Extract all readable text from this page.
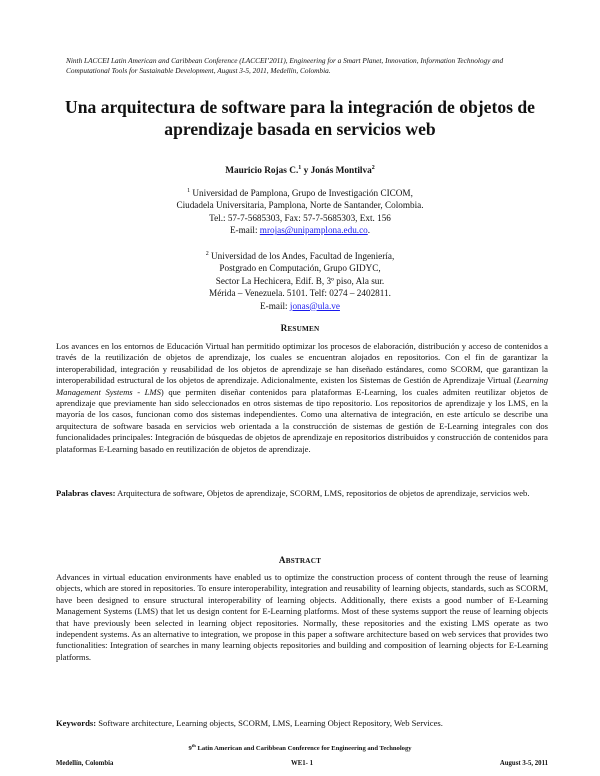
Ninth LACCEI Latin American and Caribbean Conference (LACCEI’2011), Engineering for a Smart Planet, Innovation, Information Technology and Computational Tools for Sustainable Development, August 3-5, 2011, Medellín, Colombia.
Una arquitectura de software para la integración de objetos de aprendizaje basada en servicios web
Mauricio Rojas C.$^1$ y Jonás Montilva$^2$
$^1$ Universidad de Pamplona, Grupo de Investigación CICOM,
Ciudadela Universitaria, Pamplona, Norte de Santander, Colombia.
Tel.: 57-7-5685303, Fax: 57-7-5685303, Ext. 156
E-mail: mrojas@unipamplona.edu.co.
$^2$ Universidad de los Andes, Facultad de Ingeniería,
Postgrado en Computación, Grupo GIDYC,
Sector La Hechicera, Edif. B, 3º piso, Ala sur.
Mérida – Venezuela. 5101. Telf: 0274 – 2402811.
E-mail: jonas@ula.ve
RESUMEN
Los avances en los entornos de Educación Virtual han permitido optimizar los procesos de elaboración, distribución y acceso de contenidos a través de la reutilización de objetos de aprendizaje, los cuales se encuentran alojados en repositorios. Con el fin de garantizar la interoperabilidad, integración y reusabilidad de los objetos de aprendizaje se han diseñado estándares, como SCORM, que garantizan la interoperabilidad estructural de los objetos de aprendizaje. Adicionalmente, existen los Sistemas de Gestión de Aprendizaje Virtual (Learning Management Systems - LMS) que permiten diseñar contenidos para plataformas E-Learning, los cuales admiten reutilizar objetos de aprendizaje que previamente han sido seleccionados en otros sistemas de tipo repositorio. Los repositorios de aprendizaje y los LMS, en la mayoría de los casos, funcionan como dos sistemas independientes. Como una alternativa de integración, en este artículo se describe una arquitectura de software basada en servicios web orientada a la construcción de sistemas de gestión de E-Learning integrales con dos funcionalidades principales: Integración de búsquedas de objetos de aprendizaje en repositorios distribuidos y construcción de contenidos para plataformas E-Learning basado en reutilización de objetos de aprendizaje.
Palabras claves: Arquitectura de software, Objetos de aprendizaje, SCORM, LMS, repositorios de objetos de aprendizaje, servicios web.
ABSTRACT
Advances in virtual education environments have enabled us to optimize the construction process of content through the reuse of learning objects, which are stored in repositories. To ensure interoperability, integration and reusability of learning objects, standards, such as SCORM, have been designed to ensure structural interoperability of learning objects. Additionally, there exists a good number of E-Learning Management Systems (LMS) that let us design content for E-Learning platforms. Most of these systems support the reuse of learning objects that have previously been selected in learning object repositories. Normally, these repositories and the existing LMS operate as two independent systems. As an alternative to integration, we propose in this paper a software architecture based on web services that provides two functionalities: Integration of searches in many learning objects repositories and building and composition of learning objects for E-Learning platforms.
Keywords: Software architecture, Learning objects, SCORM, LMS, Learning Object Repository, Web Services.
9th Latin American and Caribbean Conference for Engineering and Technology
Medellín, Colombia	WE1- 1	August 3-5, 2011
